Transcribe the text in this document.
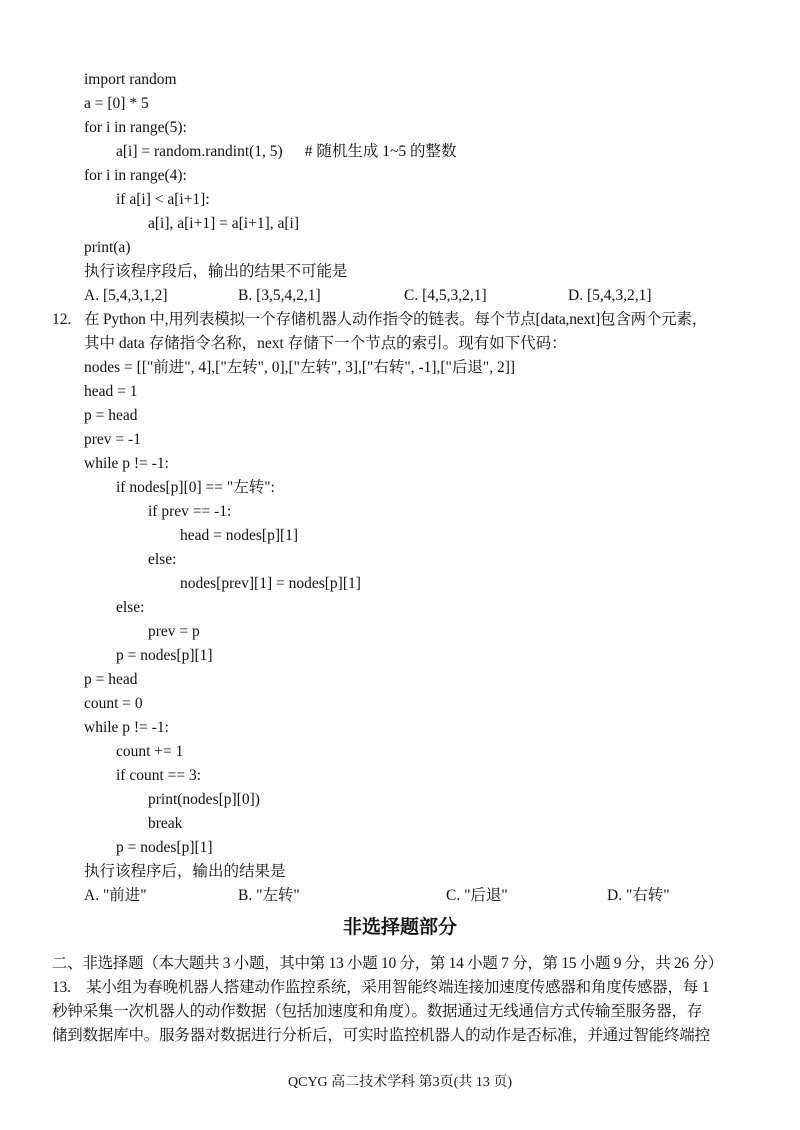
import random
a = [0] * 5
for i in range(5):
a[i] = random.randint(1, 5) # 随机生成 1~5 的整数
for i in range(4):
if a[i] < a[i+1]:
a[i], a[i+1] = a[i+1], a[i]
print(a)
执行该程序段后，输出的结果不可能是
A. [5,4,3,1,2]	B. [3,5,4,2,1]	C. [4,5,3,2,1]	D. [5,4,3,2,1]
12. 在 Python 中,用列表模拟一个存储机器人动作指令的链表。每个节点[data,next]包含两个元素，
其中 data 存储指令名称，next 存储下一个节点的索引。现有如下代码：
nodes = [["前进", 4],["左转", 0],["左转", 3],["右转", -1],["后退", 2]]
head = 1
p = head
prev = -1
while p != -1:
if nodes[p][0] == "左转":
if prev == -1:
head = nodes[p][1]
else:
nodes[prev][1] = nodes[p][1]
else:
prev = p
p = nodes[p][1]
p = head
count = 0
while p != -1:
count += 1
if count == 3:
print(nodes[p][0])
break
p = nodes[p][1]
执行该程序后，输出的结果是
A. "前进"	B. "左转"	C. "后退"	D. "右转"
非选择题部分
二、非选择题（本大题共 3 小题，其中第 13 小题 10 分，第 14 小题 7 分，第 15 小题 9 分，共 26 分）
13.　某小组为春晚机器人搭建动作监控系统，采用智能终端连接加速度传感器和角度传感器，每 1
秒钟采集一次机器人的动作数据（包括加速度和角度）。数据通过无线通信方式传输至服务器，存
储到数据库中。服务器对数据进行分析后，可实时监控机器人的动作是否标准，并通过智能终端控
QCYG 高二技术学科 第3页(共 13 页)
